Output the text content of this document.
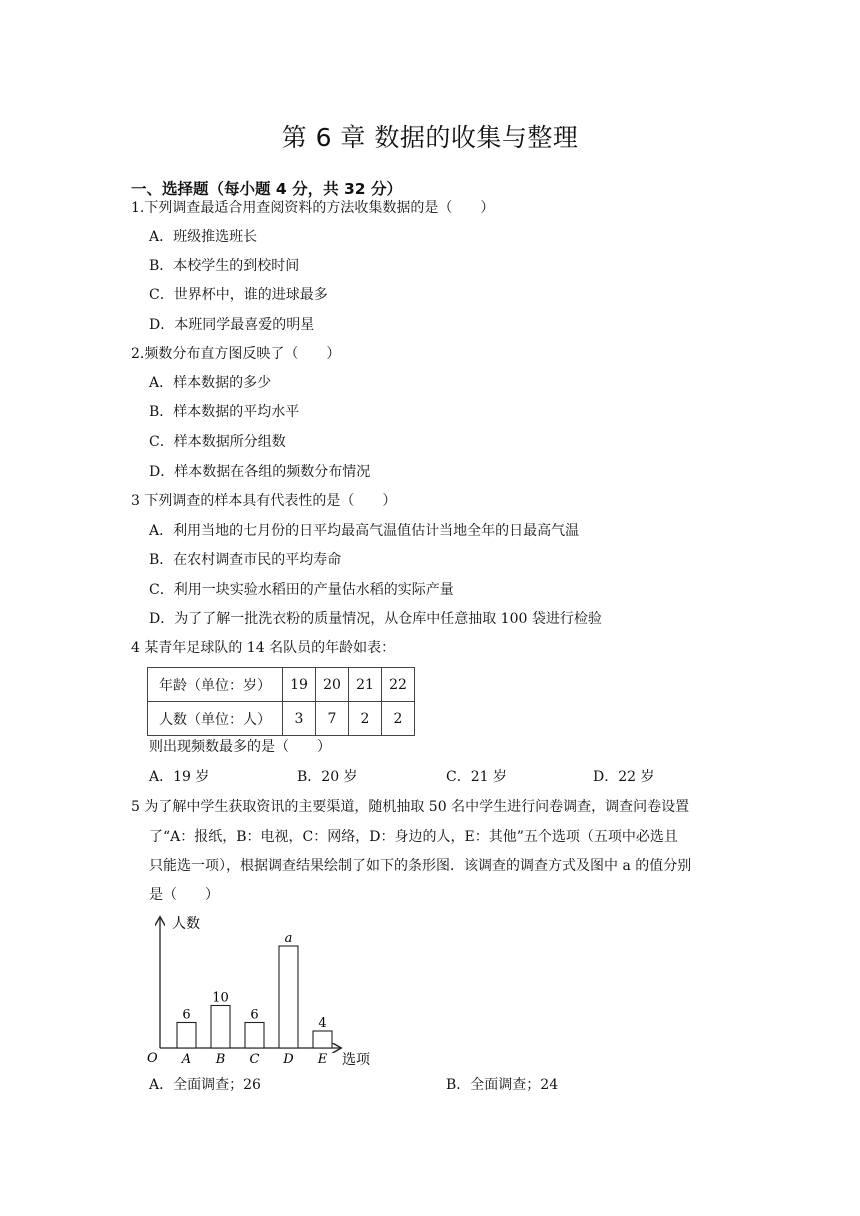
第 6 章 数据的收集与整理
一、选择题（每小题 4 分，共 32 分）
1.下列调查最适合用查阅资料的方法收集数据的是（　　）
A．班级推选班长
B．本校学生的到校时间
C．世界杯中，谁的进球最多
D．本班同学最喜爱的明星
2.频数分布直方图反映了（　　）
A．样本数据的多少
B．样本数据的平均水平
C．样本数据所分组数
D．样本数据在各组的频数分布情况
3 下列调查的样本具有代表性的是（　　）
A．利用当地的七月份的日平均最高气温值估计当地全年的日最高气温
B．在农村调查市民的平均寿命
C．利用一块实验水稻田的产量估水稻的实际产量
D．为了了解一批洗衣粉的质量情况，从仓库中任意抽取 100 袋进行检验
4 某青年足球队的 14 名队员的年龄如表：
年龄（单位：岁）	19	20	21	22
人数（单位：人）	3	7	2	2
则出现频数最多的是（　　）
A．19 岁	B．20 岁	C．21 岁	D．22 岁
5 为了解中学生获取资讯的主要渠道，随机抽取 50 名中学生进行问卷调查，调查问卷设置
了“A：报纸，B：电视，C：网络，D：身边的人，E：其他”五个选项（五项中必选且
只能选一项），根据调查结果绘制了如下的条形图．该调查的调查方式及图中 a 的值分别
是（　　）
人数
选项
O
6
A
10
B
6
C
a
D
4
E
A．全面调查；26	B．全面调查；24
